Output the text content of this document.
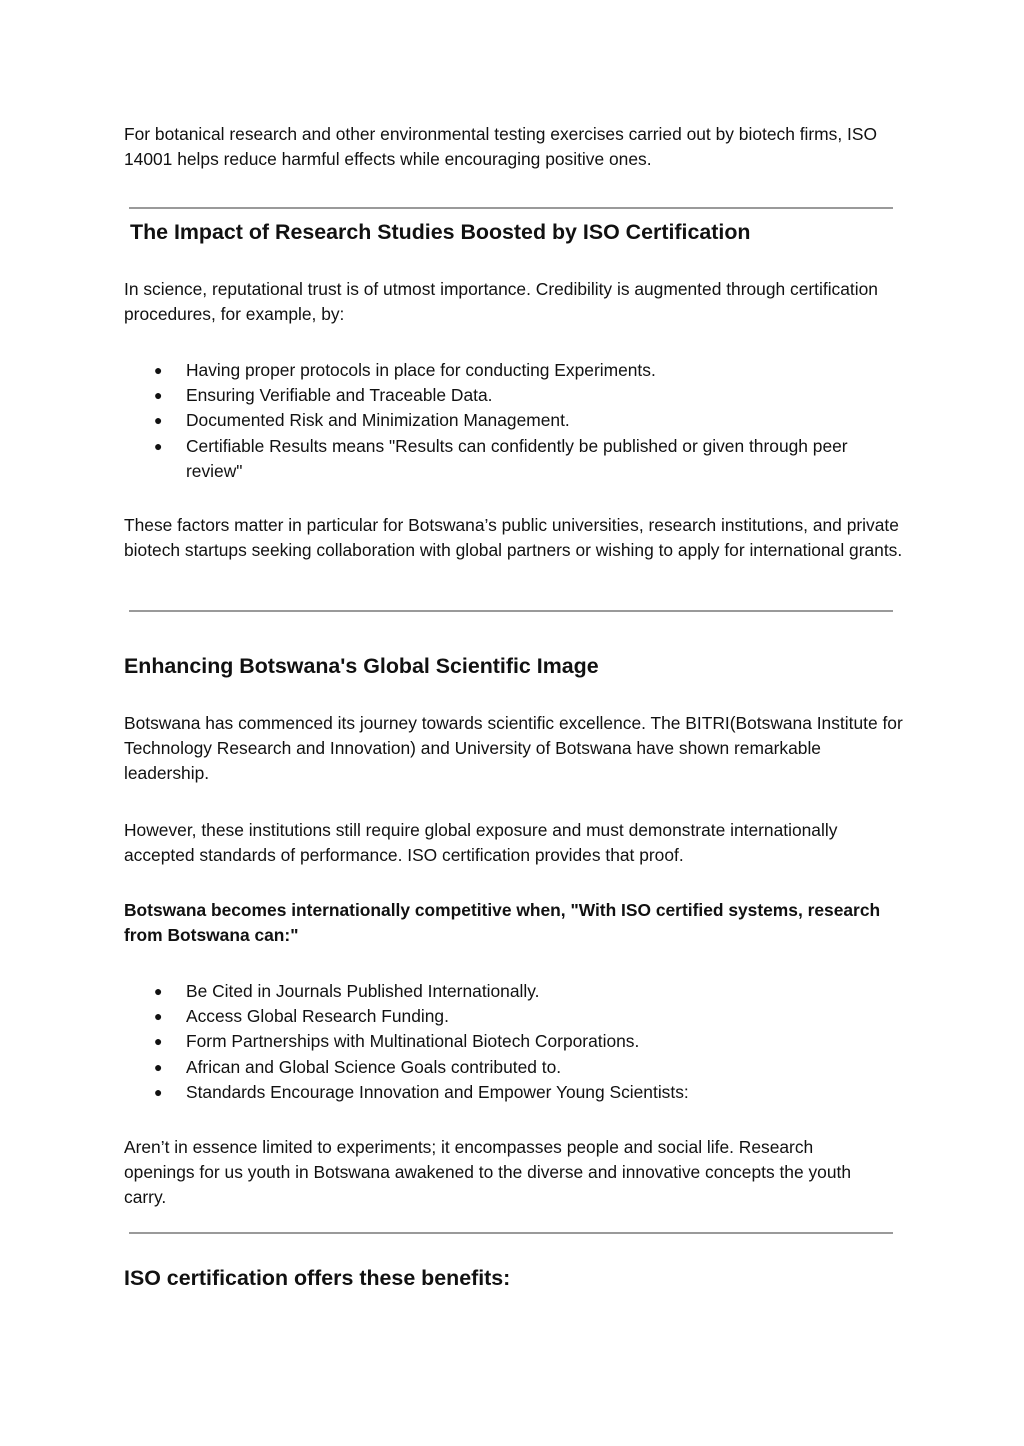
For botanical research and other environmental testing exercises carried out by biotech firms, ISO 14001 helps reduce harmful effects while encouraging positive ones.

The Impact of Research Studies Boosted by ISO Certification

In science, reputational trust is of utmost importance. Credibility is augmented through certification procedures, for example, by:

● Having proper protocols in place for conducting Experiments.
● Ensuring Verifiable and Traceable Data.
● Documented Risk and Minimization Management.
● Certifiable Results means "Results can confidently be published or given through peer review"

These factors matter in particular for Botswana’s public universities, research institutions, and private biotech startups seeking collaboration with global partners or wishing to apply for international grants.

Enhancing Botswana's Global Scientific Image

Botswana has commenced its journey towards scientific excellence. The BITRI(Botswana Institute for Technology Research and Innovation) and University of Botswana have shown remarkable leadership.

However, these institutions still require global exposure and must demonstrate internationally accepted standards of performance. ISO certification provides that proof.

Botswana becomes internationally competitive when, "With ISO certified systems, research from Botswana can:"

● Be Cited in Journals Published Internationally.
● Access Global Research Funding.
● Form Partnerships with Multinational Biotech Corporations.
● African and Global Science Goals contributed to.
● Standards Encourage Innovation and Empower Young Scientists:

Aren’t in essence limited to experiments; it encompasses people and social life. Research openings for us youth in Botswana awakened to the diverse and innovative concepts the youth carry.

ISO certification offers these benefits:
